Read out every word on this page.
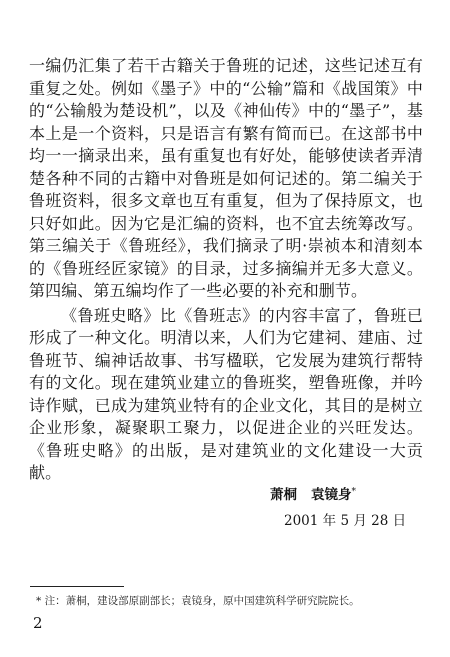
一编仍汇集了若干古籍关于鲁班的记述，这些记述互有重复之处。例如《墨子》中的“公输”篇和《战国策》中的“公输般为楚设机”，以及《神仙传》中的“墨子”，基本上是一个资料，只是语言有繁有简而已。在这部书中均一一摘录出来，虽有重复也有好处，能够使读者弄清楚各种不同的古籍中对鲁班是如何记述的。第二编关于鲁班资料，很多文章也互有重复，但为了保持原文，也只好如此。因为它是汇编的资料，也不宜去统筹改写。第三编关于《鲁班经》，我们摘录了明·崇祯本和清刻本的《鲁班经匠家镜》的目录，过多摘编并无多大意义。第四编、第五编均作了一些必要的补充和删节。

《鲁班史略》比《鲁班志》的内容丰富了，鲁班已形成了一种文化。明清以来，人们为它建祠、建庙、过鲁班节、编神话故事、书写楹联，它发展为建筑行帮特有的文化。现在建筑业建立的鲁班奖，塑鲁班像，并吟诗作赋，已成为建筑业特有的企业文化，其目的是树立企业形象，凝聚职工聚力，以促进企业的兴旺发达。《鲁班史略》的出版，是对建筑业的文化建设一大贡献。

萧桐 袁镜身*
2001 年 5 月 28 日
* 注：萧桐，建设部原副部长；袁镜身，原中国建筑科学研究院院长。
2
